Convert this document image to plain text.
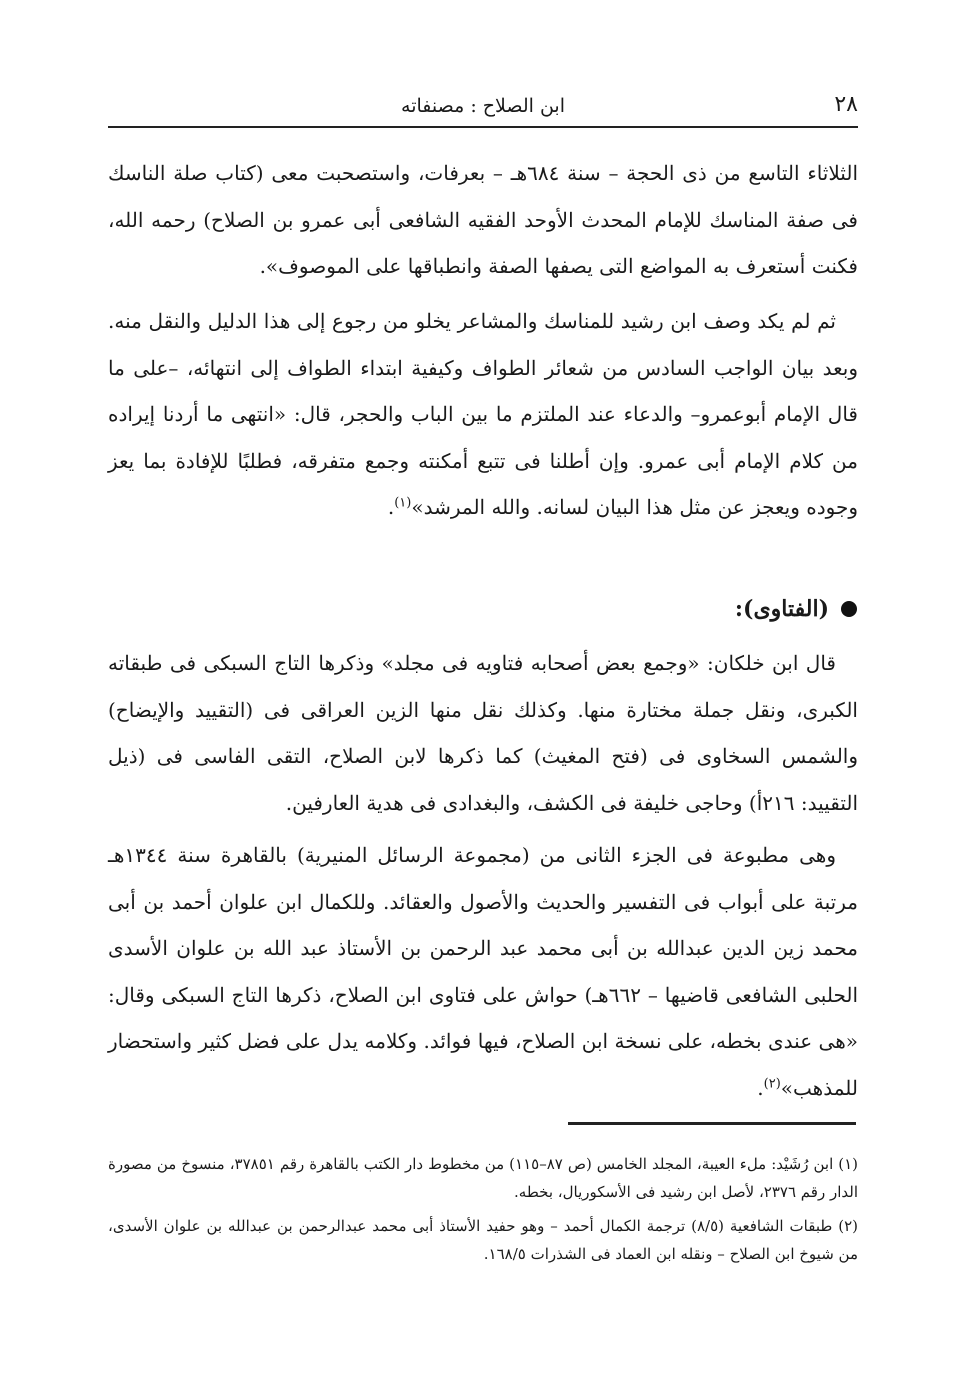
٢٨
ابن الصلاح : مصنفاته
الثلاثاء التاسع من ذى الحجة – سنة ٦٨٤هـ – بعرفات، واستصحبت معى (كتاب صلة الناسك فى صفة المناسك للإمام المحدث الأوحد الفقيه الشافعى أبى عمرو بن الصلاح) رحمه الله، فكنت أستعرف به المواضع التى يصفها الصفة وانطباقها على الموصوف».
ثم لم يكد وصف ابن رشيد للمناسك والمشاعر يخلو من رجوع إلى هذا الدليل والنقل منه. وبعد بيان الواجب السادس من شعائر الطواف وكيفية ابتداء الطواف إلى انتهائه، –على ما قال الإمام أبوعمرو– والدعاء عند الملتزم ما بين الباب والحجر، قال: «انتهى ما أردنا إيراده من كلام الإمام أبى عمرو. وإن أطلنا فى تتبع أمكنته وجمع متفرقه، فطلبًا للإفادة بما يعز وجوده ويعجز عن مثل هذا البيان لسانه. والله المرشد»$^{(١)}$.
(الفتاوى):
قال ابن خلكان: «وجمع بعض أصحابه فتاويه فى مجلد» وذكرها التاج السبكى فى طبقاته الكبرى، ونقل جملة مختارة منها. وكذلك نقل منها الزين العراقى فى (التقييد والإيضاح) والشمس السخاوى فى (فتح المغيث) كما ذكرها لابن الصلاح، التقى الفاسى فى (ذيل التقييد: ٢١٦أ) وحاجى خليفة فى الكشف، والبغدادى فى هدية العارفين.
وهى مطبوعة فى الجزء الثانى من (مجموعة الرسائل المنيرية) بالقاهرة سنة ١٣٤٤هـ مرتبة على أبواب فى التفسير والحديث والأصول والعقائد. وللكمال ابن علوان أحمد بن أبى محمد زين الدين عبدالله بن أبى محمد عبد الرحمن بن الأستاذ عبد الله بن علوان الأسدى الحلبى الشافعى قاضيها – ٦٦٢هـ) حواش على فتاوى ابن الصلاح، ذكرها التاج السبكى وقال: «هى عندى بخطه، على نسخة ابن الصلاح، فيها فوائد. وكلامه يدل على فضل كثير واستحضار للمذهب»$^{(٢)}$.
(١) ابن رُشَيْد: ملء العيبة، المجلد الخامس (ص ٨٧–١١٥) من مخطوط دار الكتب بالقاهرة رقم ٣٧٨٥١، منسوخ من مصورة الدار رقم ٢٣٧٦، لأصل ابن رشيد فى الأسكوريال، بخطه.
(٢) طبقات الشافعية (٨/٥) ترجمة الكمال أحمد – وهو حفيد الأستاذ أبى محمد عبدالرحمن بن عبدالله بن علوان الأسدى، من شيوخ ابن الصلاح – ونقله ابن العماد فى الشذرات ١٦٨/٥.
